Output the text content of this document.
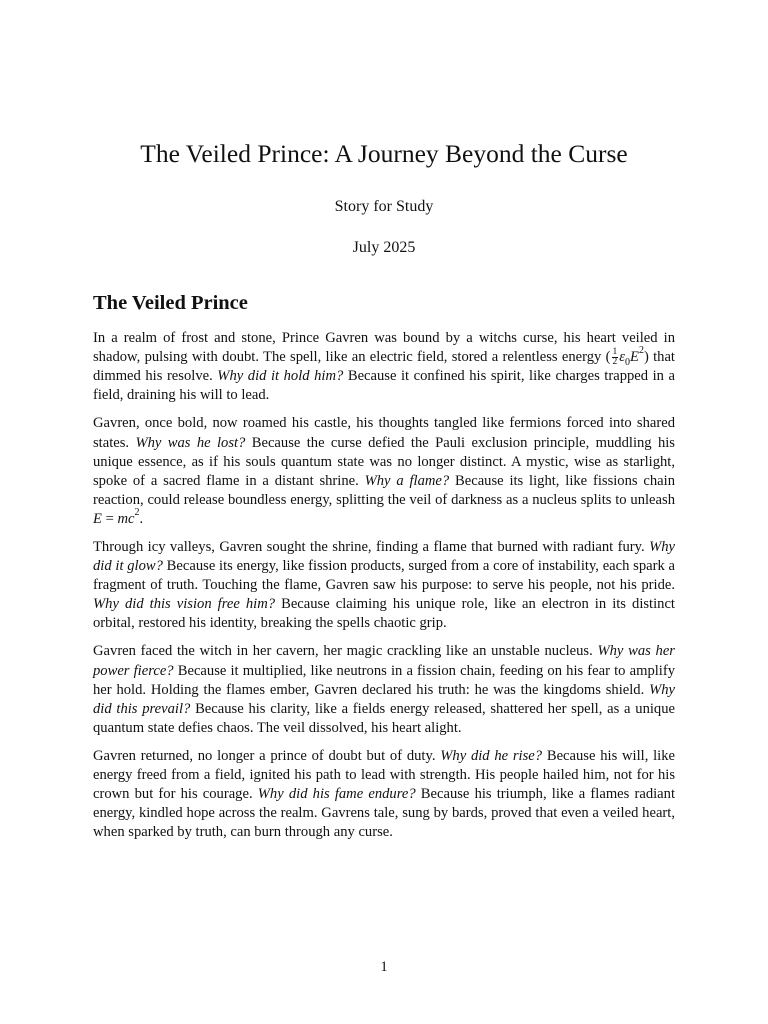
The Veiled Prince: A Journey Beyond the Curse
Story for Study
July 2025
The Veiled Prince

In a realm of frost and stone, Prince Gavren was bound by a witchs curse, his heart veiled in shadow, pulsing with doubt. The spell, like an electric field, stored a relentless energy ( $\frac{1}{2} \varepsilon_0E^2$) that dimmed his resolve. Why did it hold him? Because it confined his spirit, like charges trapped in a field, draining his will to lead.

Gavren, once bold, now roamed his castle, his thoughts tangled like fermions forced into shared states. Why was he lost? Because the curse defied the Pauli exclusion principle, muddling his unique essence, as if his souls quantum state was no longer distinct. A mystic, wise as starlight, spoke of a sacred flame in a distant shrine. Why a flame? Because its light, like fissions chain reaction, could release boundless energy, splitting the veil of darkness as a nucleus splits to unleash $E = mc^2$.

Through icy valleys, Gavren sought the shrine, finding a flame that burned with radiant fury. Why did it glow? Because its energy, like fission products, surged from a core of instability, each spark a fragment of truth. Touching the flame, Gavren saw his purpose: to serve his people, not his pride. Why did this vision free him? Because claiming his unique role, like an electron in its distinct orbital, restored his identity, breaking the spells chaotic grip.

Gavren faced the witch in her cavern, her magic crackling like an unstable nucleus. Why was her power fierce? Because it multiplied, like neutrons in a fission chain, feeding on his fear to amplify her hold. Holding the flames ember, Gavren declared his truth: he was the kingdoms shield. Why did this prevail? Because his clarity, like a fields energy released, shattered her spell, as a unique quantum state defies chaos. The veil dissolved, his heart alight.

Gavren returned, no longer a prince of doubt but of duty. Why did he rise? Because his will, like energy freed from a field, ignited his path to lead with strength. His people hailed him, not for his crown but for his courage. Why did his fame endure? Because his triumph, like a flames radiant energy, kindled hope across the realm. Gavrens tale, sung by bards, proved that even a veiled heart, when sparked by truth, can burn through any curse.

1
